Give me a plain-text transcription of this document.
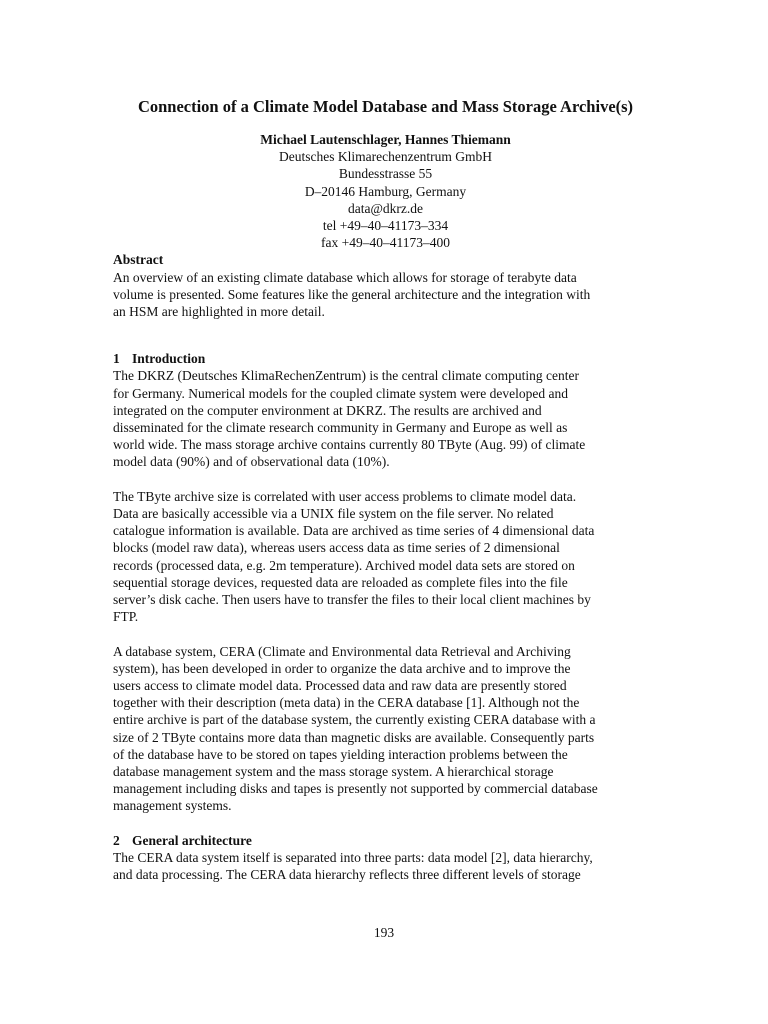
Connection of a Climate Model Database and Mass Storage Archive(s)
Michael Lautenschlager, Hannes Thiemann
Deutsches Klimarechenzentrum GmbH
Bundesstrasse 55
D‒20146 Hamburg, Germany
data@dkrz.de
tel +49‒40‒41173‒334
fax +49‒40‒41173‒400
Abstract
An overview of an existing climate database which allows for storage of terabyte data
volume is presented. Some features like the general architecture and the integration with
an HSM are highlighted in more detail.
1 Introduction
The DKRZ (Deutsches KlimaRechenZentrum) is the central climate computing center
for Germany. Numerical models for the coupled climate system were developed and
integrated on the computer environment at DKRZ. The results are archived and
disseminated for the climate research community in Germany and Europe as well as
world wide. The mass storage archive contains currently 80 TByte (Aug. 99) of climate
model data (90%) and of observational data (10%).
The TByte archive size is correlated with user access problems to climate model data.
Data are basically accessible via a UNIX file system on the file server. No related
catalogue information is available. Data are archived as time series of 4 dimensional data
blocks (model raw data), whereas users access data as time series of 2 dimensional
records (processed data, e.g. 2m temperature). Archived model data sets are stored on
sequential storage devices, requested data are reloaded as complete files into the file
server’s disk cache. Then users have to transfer the files to their local client machines by
FTP.
A database system, CERA (Climate and Environmental data Retrieval and Archiving
system), has been developed in order to organize the data archive and to improve the
users access to climate model data. Processed data and raw data are presently stored
together with their description (meta data) in the CERA database [1]. Although not the
entire archive is part of the database system, the currently existing CERA database with a
size of 2 TByte contains more data than magnetic disks are available. Consequently parts
of the database have to be stored on tapes yielding interaction problems between the
database management system and the mass storage system. A hierarchical storage
management including disks and tapes is presently not supported by commercial database
management systems.
2 General architecture
The CERA data system itself is separated into three parts: data model [2], data hierarchy,
and data processing. The CERA data hierarchy reflects three different levels of storage
193
